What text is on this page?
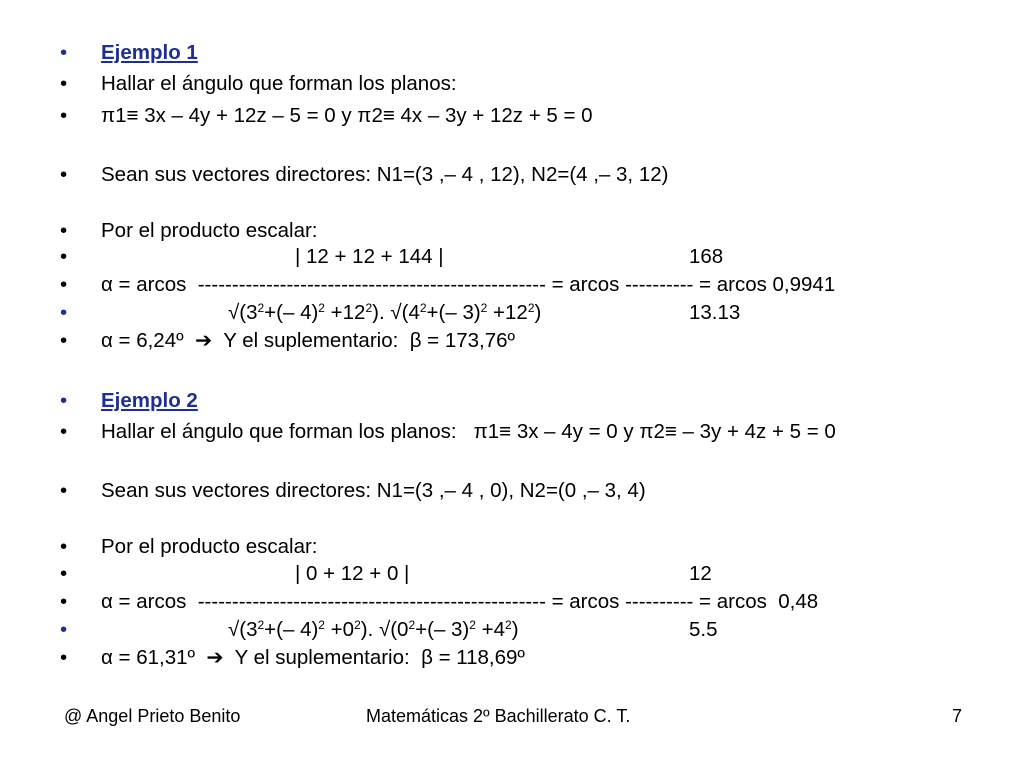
•

	Ejemplo 1

•

	Hallar el ángulo que forman los planos:

•

	π1≡ 3x – 4y + 12z – 5 = 0 y π2≡ 4x – 3y + 12z + 5 = 0

•

	Sean sus vectores directores: N1=(3 ,– 4 , 12), N2=(4 ,– 3, 12)

•

	Por el producto escalar:

•

	| 12 + 12 + 144 |

	168

•

	α = arcos  --------------------------------------------------- = arcos ---------- = arcos 0,9941

•

	$√(3^2+(-$ $4)^2 +12^2$). $√(4^2+(-$ $3)^2 +12^2$)

	13.13

•

	α = 6,24º  ➔  Y el suplementario:  β = 173,76º

•

	Ejemplo 2

•

	Hallar el ángulo que forman los planos:   π1≡ 3x – 4y = 0 y π2≡ – 3y + 4z + 5 = 0

•

	Sean sus vectores directores: N1=(3 ,– 4 , 0), N2=(0 ,– 3, 4)

•

	Por el producto escalar:

•

	| 0 + 12 + 0 |

	12

•

	α = arcos  --------------------------------------------------- = arcos ---------- = arcos  0,48

•

	$√(3^2+(-$ $4)^2 +0^2$). $√(0^2+(-$ $3)^2 +4^2$)

	5.5

•

	α = 61,31º  ➔  Y el suplementario:  β = 118,69º

@ Angel Prieto Benito	Matemáticas 2º Bachillerato C. T.	7
